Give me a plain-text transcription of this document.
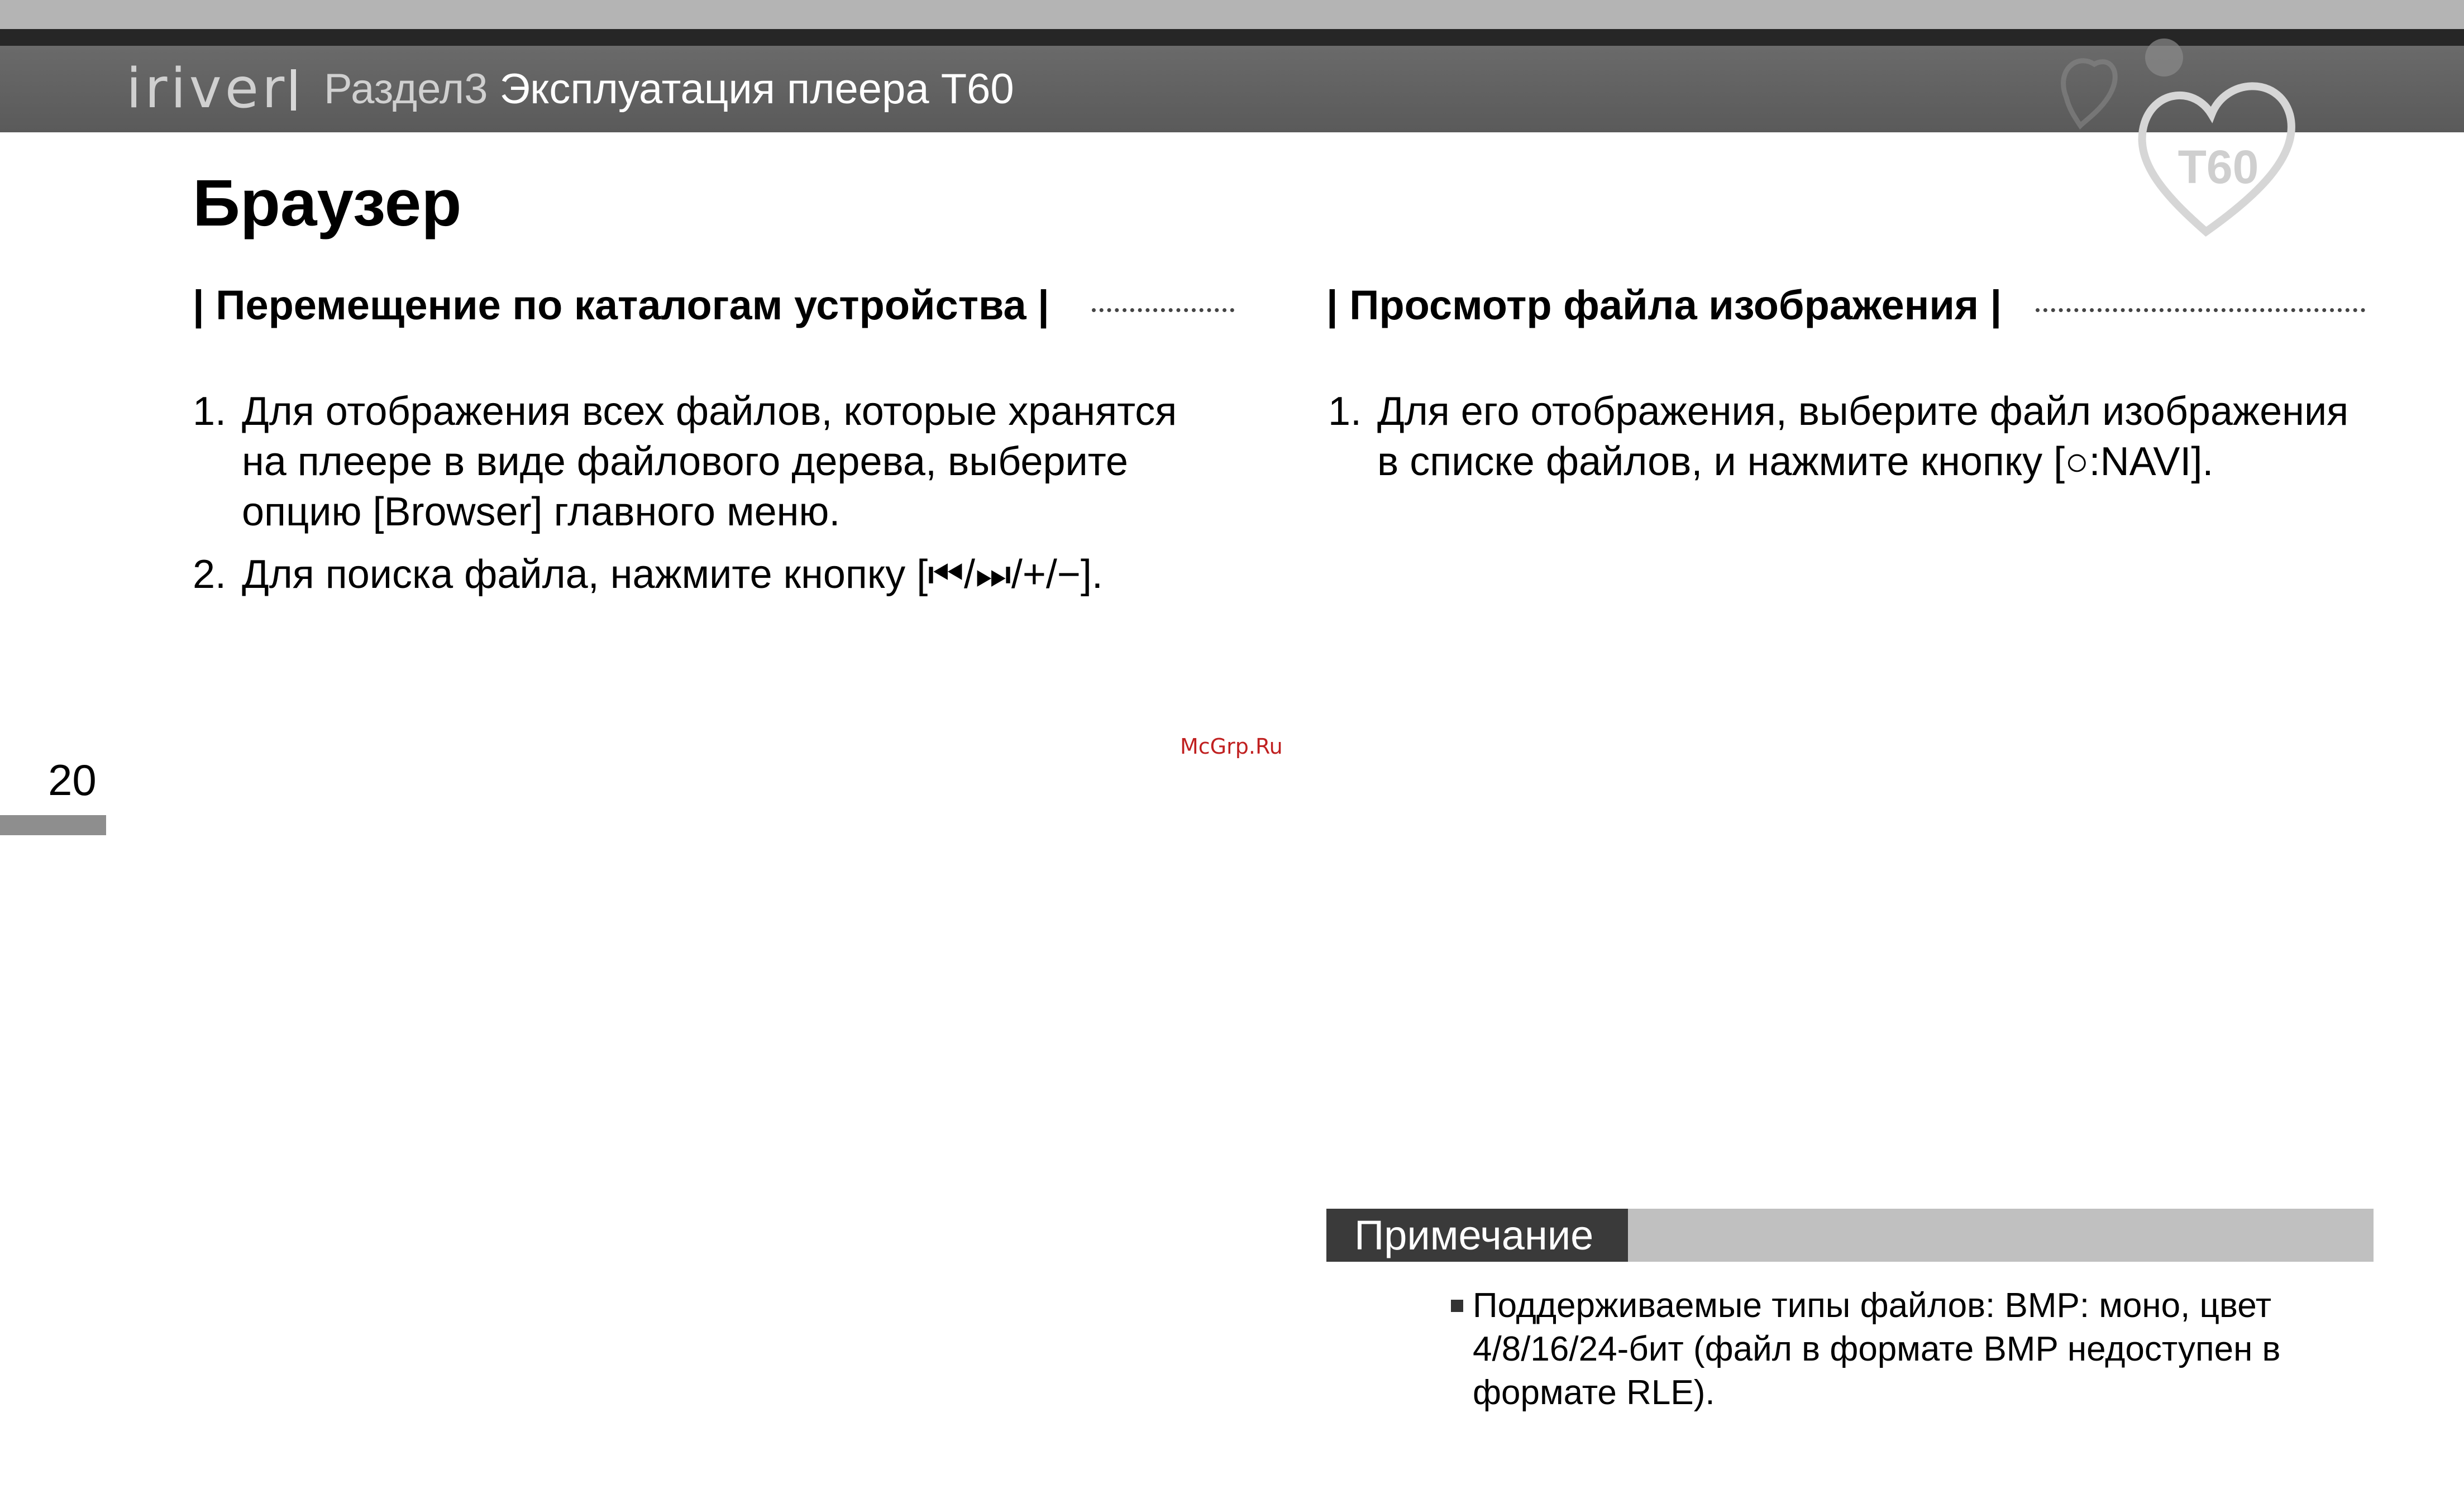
iriver Раздел3 Эксплуатация плеера T60
T60
Браузер
| Перемещение по каталогам устройства |	| Просмотр файла изображения |
1. Для отображения всех файлов, которые хранятся
на плеере в виде файлового дерева, выберите
опцию [Browser] главного меню.
2. Для поиска файла, нажмите кнопку [⏮/⏭/+/−].
1. Для его отображения, выберите файл изображения
в списке файлов, и нажмите кнопку [○:NAVI].
McGrp.Ru
20
Примечание
Поддерживаемые типы файлов: BMP: моно, цвет
4/8/16/24-бит (файл в формате BMP недоступен в
формате RLE).
